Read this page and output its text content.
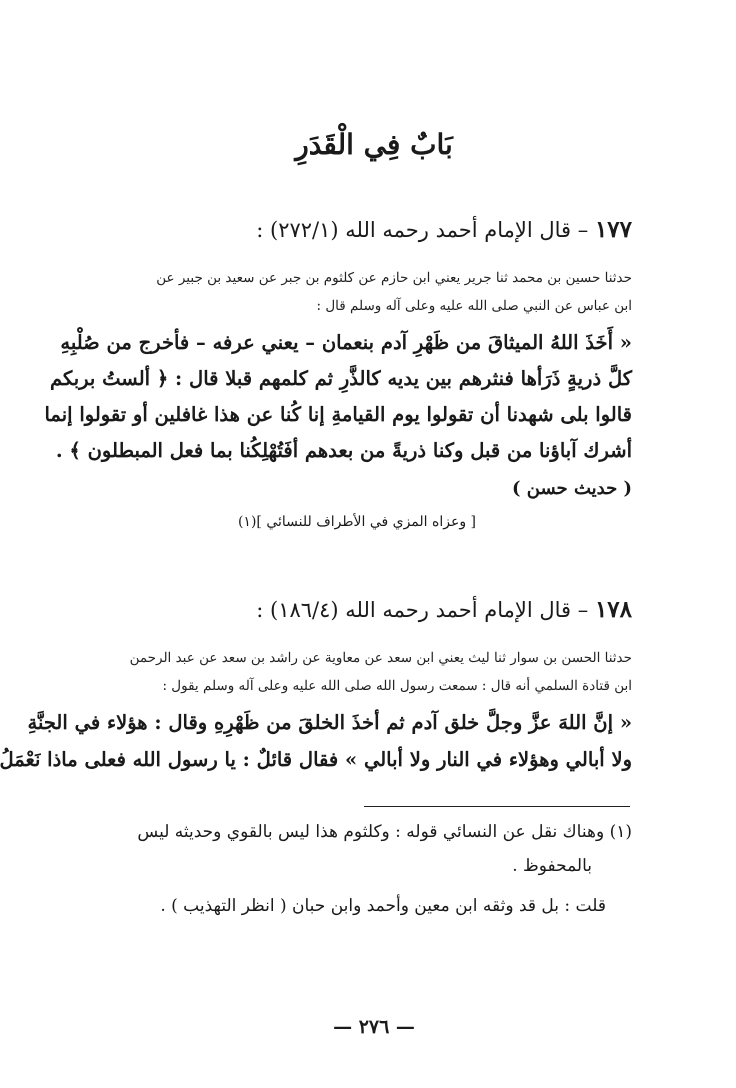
بَابٌ فِي الْقَدَرِ
١٧٧ – قال الإمام أحمد رحمه الله (٢٧٢/١) :
حدثنا حسين بن محمد ثنا جرير يعني ابن حازم عن كلثوم بن جبر عن سعيد بن جبير عن
ابن عباس عن النبي صلى الله عليه وعلى آله وسلم قال :
« أَخَذَ اللهُ الميثاقَ من ظَهْرِ آدم بنعمان – يعني عرفه – فأخرج من صُلْبِهِ
كلَّ ذريةٍ ذَرَأها فنثرهم بين يديه كالذَّرِ ثم كلمهم قبلا قال : ﴿ ألستُ بربكم
قالوا بلى شهدنا أن تقولوا يوم القيامةِ إنا كُنا عن هذا غافلين أو تقولوا إنما
أشرك آباؤنا من قبل وكنا ذريةً من بعدهم أفَتُهْلِكُنا بما فعل المبطلون ﴾ .
( حديث حسن )
[ وعزاه المزي في الأطراف للنسائي ](١)
١٧٨ – قال الإمام أحمد رحمه الله (١٨٦/٤) :
حدثنا الحسن بن سوار ثنا ليث يعني ابن سعد عن معاوية عن راشد بن سعد عن عبد الرحمن
ابن قتادة السلمي أنه قال : سمعت رسول الله صلى الله عليه وعلى آله وسلم يقول :
« إنَّ اللهَ عزَّ وجلَّ خلق آدم ثم أخذَ الخلقَ من ظَهْرِهِ وقال : هؤلاء في الجنَّةِ
ولا أبالي وهؤلاء في النار ولا أبالي » فقال قائلٌ : يا رسول الله فعلى ماذا نَعْمَلُ
(١) وهناك نقل عن النسائي قوله : وكلثوم هذا ليس بالقوي وحديثه ليس
بالمحفوظ .
قلت : بل قد وثقه ابن معين وأحمد وابن حبان ( انظر التهذيب ) .
— ٢٧٦ —
